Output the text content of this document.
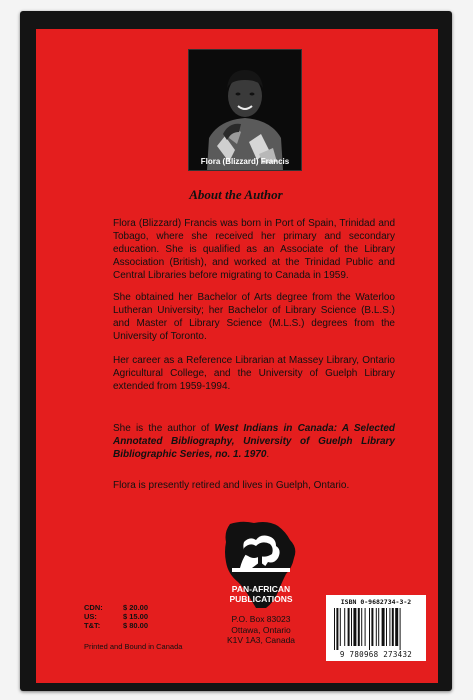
Flora (Blizzard) Francis
About the Author
Flora (Blizzard) Francis was born in Port of Spain, Trinidad and Tobago, where she received her primary and secondary education. She is qualified as an Associate of the Library Association (British), and worked at the Trinidad Public and Central Libraries before migrating to Canada in 1959.
She obtained her Bachelor of Arts degree from the Waterloo Lutheran University; her Bachelor of Library Science (B.L.S.) and Master of Library Science (M.L.S.) degrees from the University of Toronto.
Her career as a Reference Librarian at Massey Library, Ontario Agricultural College, and the University of Guelph Library extended from 1959-1994.
She is the author of West Indians in Canada: A Selected Annotated Bibliography, University of Guelph Library Bibliographic Series, no. 1. 1970.
Flora is presently retired and lives in Guelph, Ontario.
PAN-AFRICAN
PUBLICATIONS
P.O. Box 83023
Ottawa, Ontario
K1V 1A3, Canada
CDN:	$ 20.00
US:	$ 15.00
T&T:	$ 80.00
Printed and Bound in Canada
ISBN 0-9682734-3-2
9 780968 273432
